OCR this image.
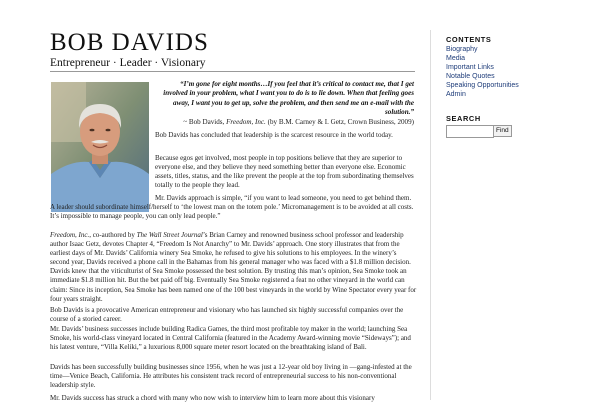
BOB DAVIDS
Entrepreneur · Leader · Visionary
“I’m gone for eight months…If you feel that it’s critical to contact me, that I get involved in your problem, what I want you to do is to lie down. When that feeling goes away, I want you to get up, solve the problem, and then send me an e-mail with the solution.”
~ Bob Davids, Freedom, Inc. (by B.M. Carney & I. Getz, Crown Business, 2009)

Bob Davids has concluded that leadership is the scarcest resource in the world today.

Because egos get involved, most people in top positions believe that they are superior to everyone else, and they believe they need something better than everyone else. Economic assets, titles, status, and the like prevent the people at the top from subordinating themselves totally to the people they lead.

Mr. Davids approach is simple, “if you want to lead someone, you need to get behind them. A leader should subordinate himself/herself to ‘the lowest man on the totem pole.’ Micromanagement is to be avoided at all costs. It’s impossible to manage people, you can only lead people.”

Freedom, Inc., co-authored by The Wall Street Journal’s Brian Carney and renowned business school professor and leadership author Isaac Getz, devotes Chapter 4, “Freedom Is Not Anarchy” to Mr. Davids’ approach. One story illustrates that from the earliest days of Mr. Davids’ California winery Sea Smoke, he refused to give his solutions to his employees. In the winery’s second year, Davids received a phone call in the Bahamas from his general manager who was faced with a $1.8 million decision. Davids knew that the viticulturist of Sea Smoke possessed the best solution. By trusting this man’s opinion, Sea Smoke took an immediate $1.8 million hit. But the bet paid off big. Eventually Sea Smoke registered a feat no other vineyard in the world can claim: Since its inception, Sea Smoke has been named one of the 100 best vineyards in the world by Wine Spectator every year for four years straight.

Bob Davids is a provocative American entrepreneur and visionary who has launched six highly successful companies over the course of a storied career.

Mr. Davids’ business successes include building Radica Games, the third most profitable toy maker in the world; launching Sea Smoke, his world-class vineyard located in Central California (featured in the Academy Award-winning movie “Sideways”); and his latest venture, “Villa Keliki,” a luxurious 8,000 square meter resort located on the breathtaking island of Bali.

Davids has been successfully building businesses since 1956, when he was just a 12-year old boy living in —gang-infested at the time—Venice Beach, California. He attributes his consistent track record of entrepreneurial success to his non-conventional leadership style.

Mr. Davids success has struck a chord with many who now wish to interview him to learn more about this visionary

CONTENTS
Biography
Media
Important Links
Notable Quotes
Speaking Opportunities
Admin
SEARCH
Find
